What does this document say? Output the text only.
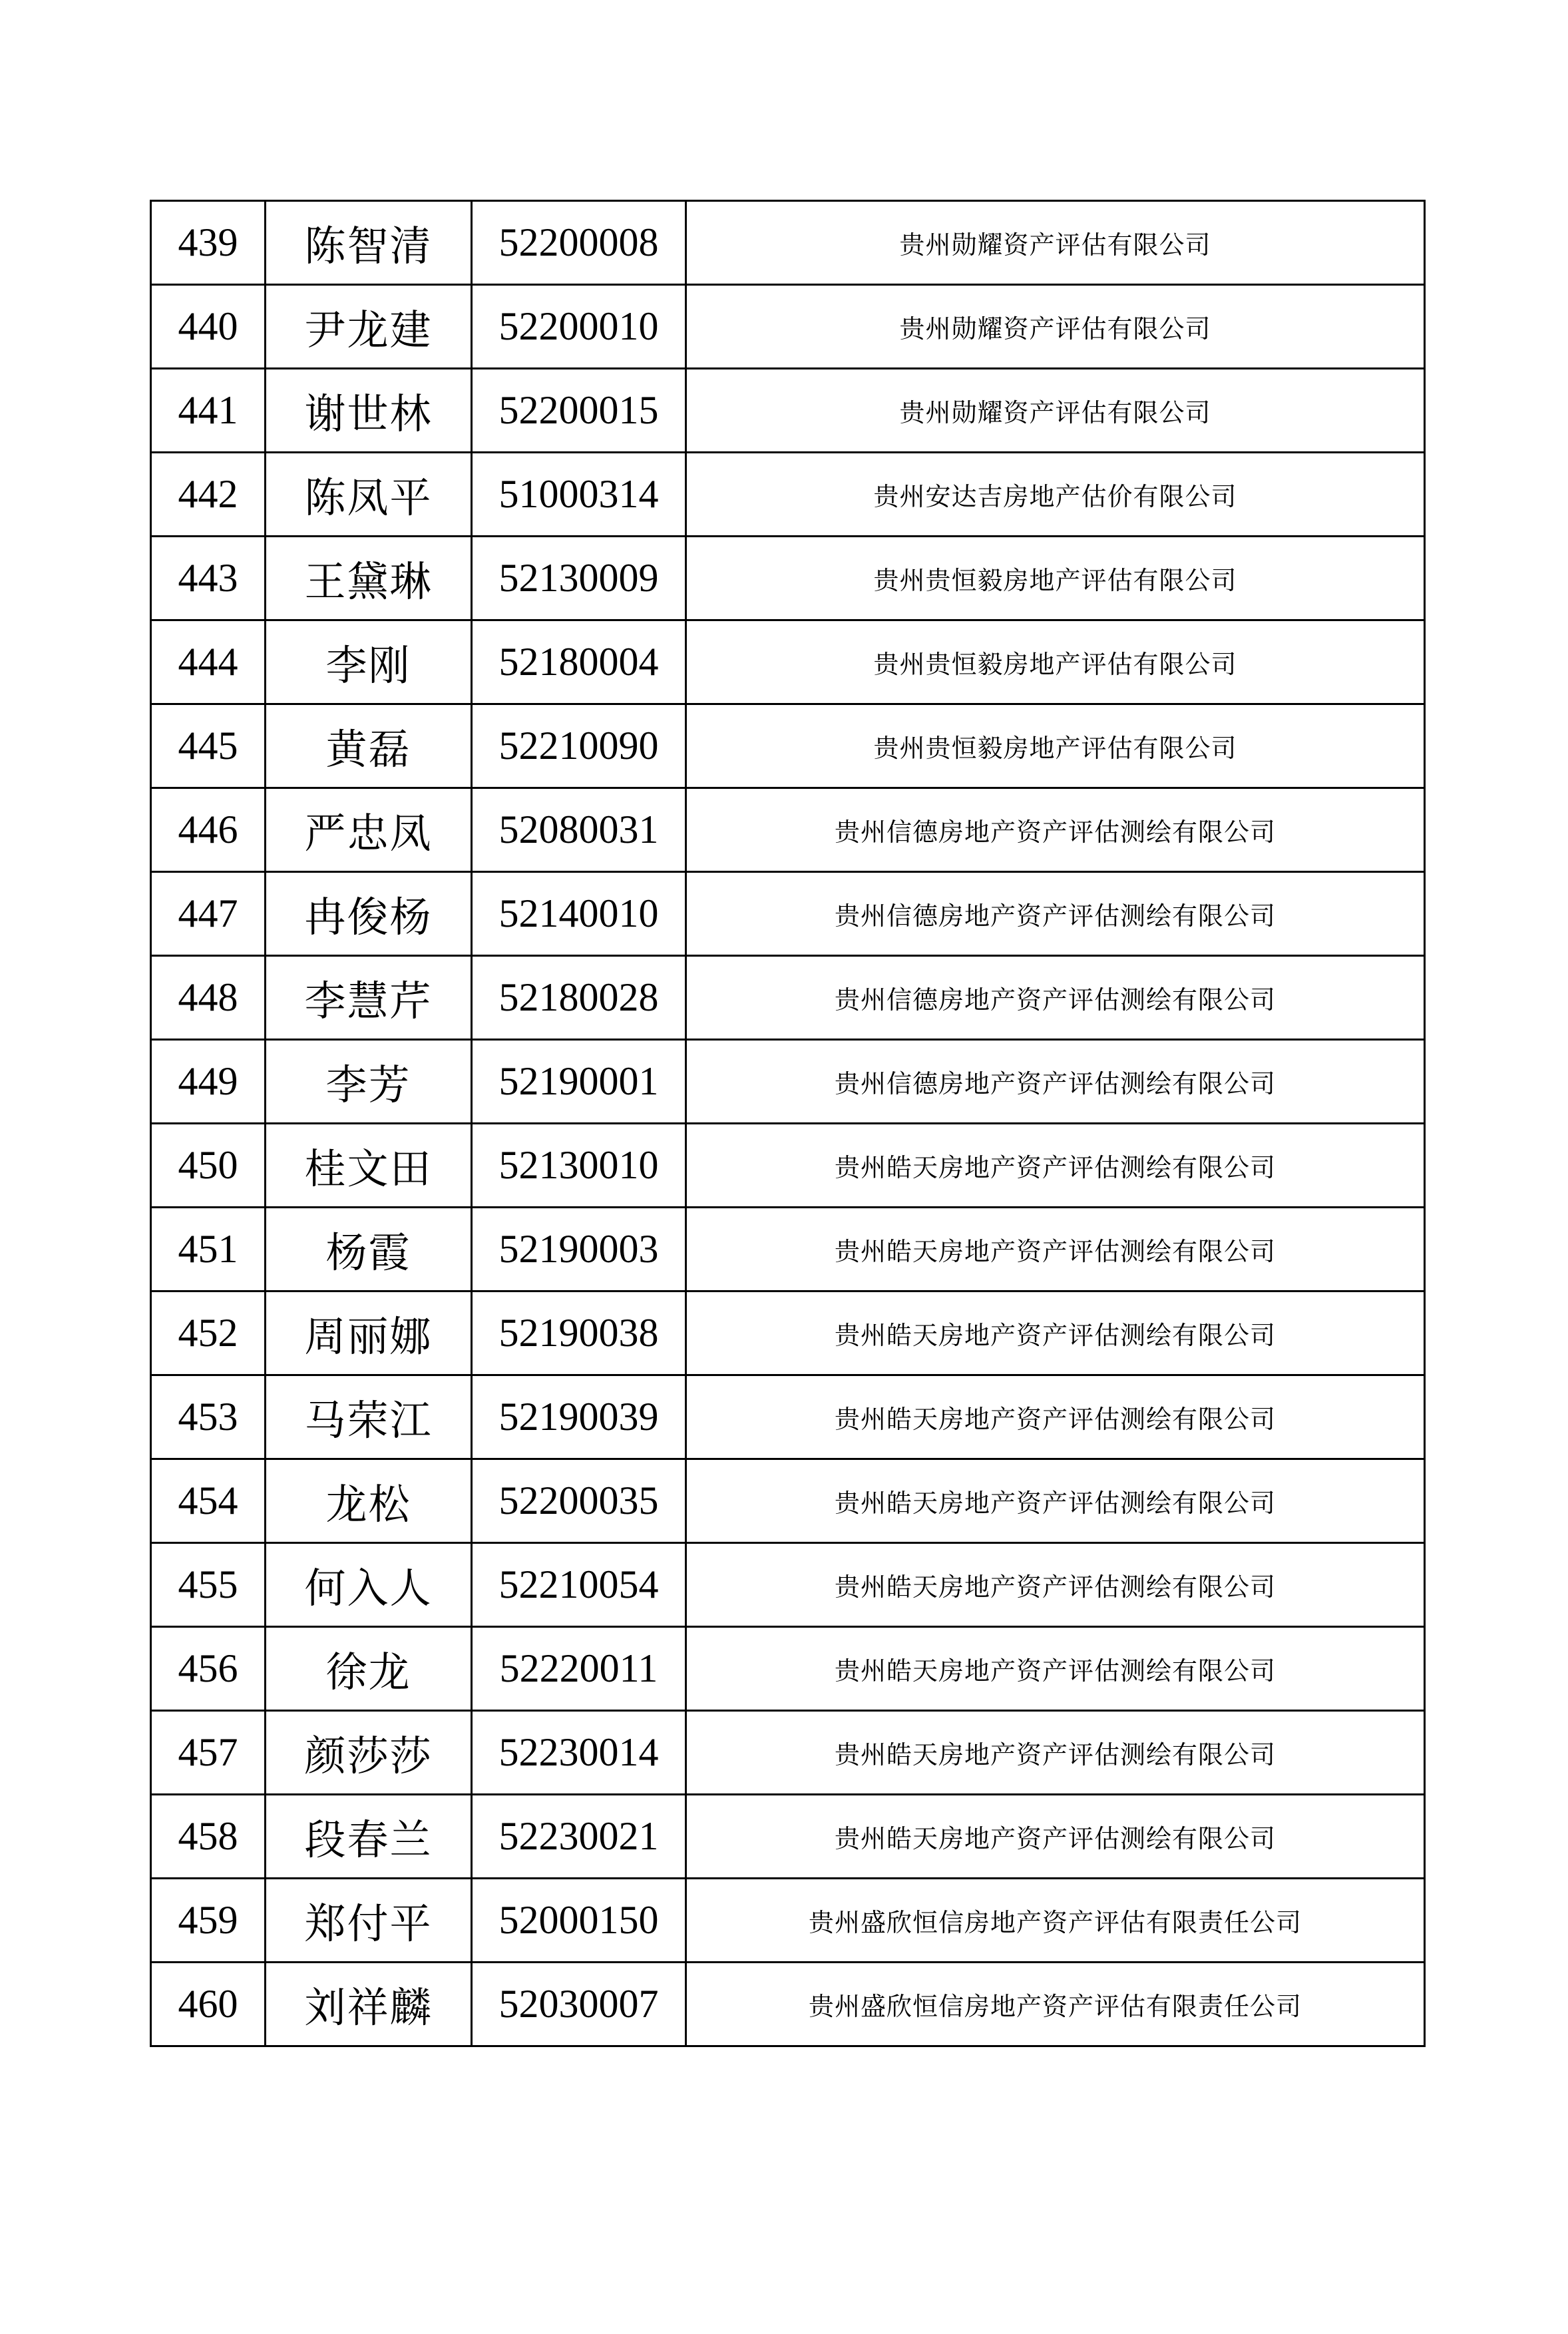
439	陈智清	52200008	贵州勋耀资产评估有限公司
440	尹龙建	52200010	贵州勋耀资产评估有限公司
441	谢世林	52200015	贵州勋耀资产评估有限公司
442	陈凤平	51000314	贵州安达吉房地产估价有限公司
443	王黛琳	52130009	贵州贵恒毅房地产评估有限公司
444	李刚	52180004	贵州贵恒毅房地产评估有限公司
445	黄磊	52210090	贵州贵恒毅房地产评估有限公司
446	严忠凤	52080031	贵州信德房地产资产评估测绘有限公司
447	冉俊杨	52140010	贵州信德房地产资产评估测绘有限公司
448	李慧芹	52180028	贵州信德房地产资产评估测绘有限公司
449	李芳	52190001	贵州信德房地产资产评估测绘有限公司
450	桂文田	52130010	贵州皓天房地产资产评估测绘有限公司
451	杨霞	52190003	贵州皓天房地产资产评估测绘有限公司
452	周丽娜	52190038	贵州皓天房地产资产评估测绘有限公司
453	马荣江	52190039	贵州皓天房地产资产评估测绘有限公司
454	龙松	52200035	贵州皓天房地产资产评估测绘有限公司
455	何入人	52210054	贵州皓天房地产资产评估测绘有限公司
456	徐龙	52220011	贵州皓天房地产资产评估测绘有限公司
457	颜莎莎	52230014	贵州皓天房地产资产评估测绘有限公司
458	段春兰	52230021	贵州皓天房地产资产评估测绘有限公司
459	郑付平	52000150	贵州盛欣恒信房地产资产评估有限责任公司
460	刘祥麟	52030007	贵州盛欣恒信房地产资产评估有限责任公司
